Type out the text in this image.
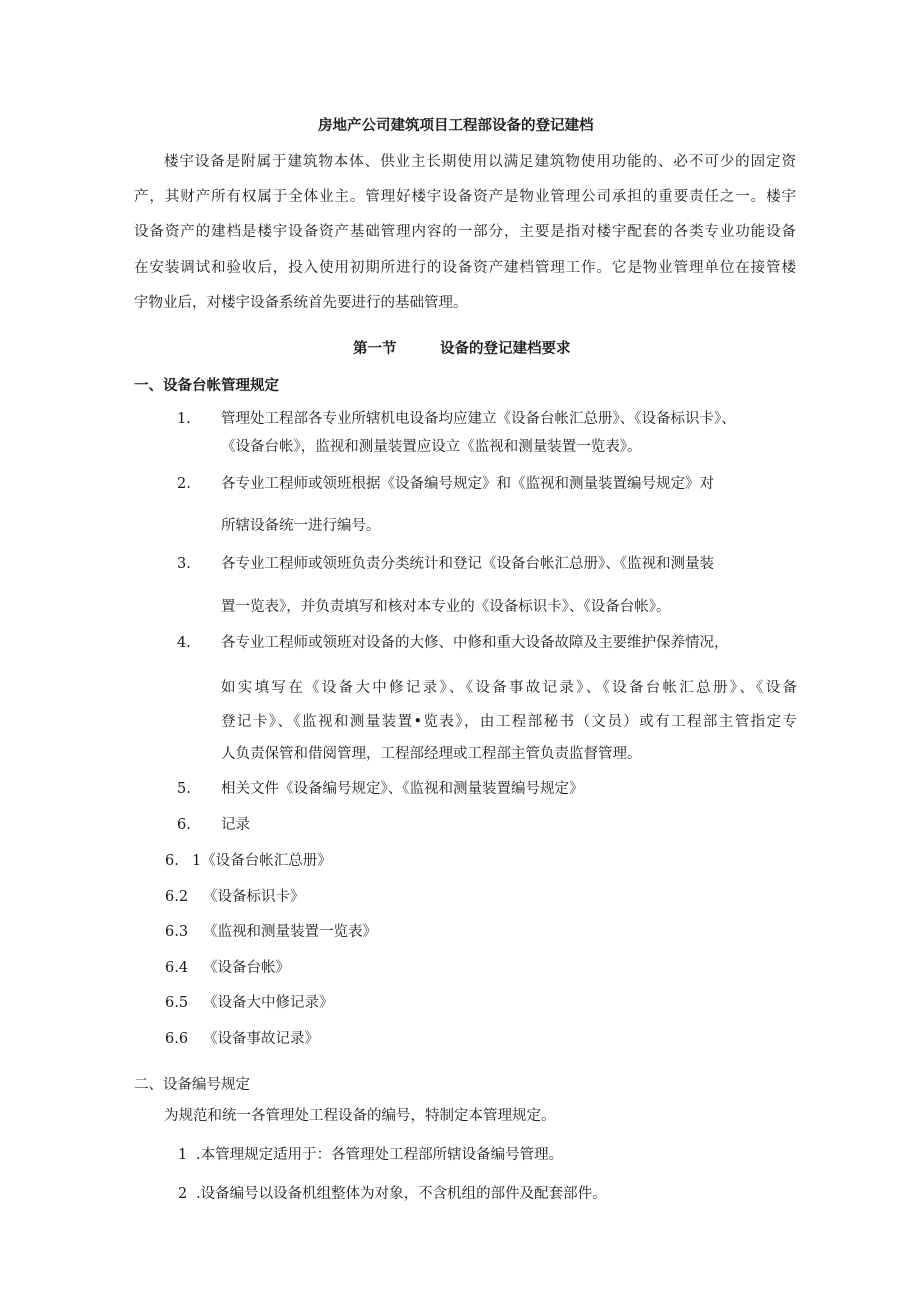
房地产公司建筑项目工程部设备的登记建档
楼宇设备是附属于建筑物本体、供业主长期使用以满足建筑物使用功能的、必不可少的固定资
产，其财产所有权属于全体业主。管理好楼宇设备资产是物业管理公司承担的重要责任之一。楼宇
设备资产的建档是楼宇设备资产基础管理内容的一部分，主要是指对楼宇配套的各类专业功能设备
在安装调试和验收后，投入使用初期所进行的设备资产建档管理工作。它是物业管理单位在接管楼
宇物业后，对楼宇设备系统首先要进行的基础管理。
第一节	设备的登记建档要求
一、设备台帐管理规定
1. 管理处工程部各专业所辖机电设备均应建立《设备台帐汇总册》、《设备标识卡》、
《设备台帐》，监视和测量装置应设立《监视和测量装置一览表》。
2. 各专业工程师或领班根据《设备编号规定》和《监视和测量装置编号规定》对
所辖设备统一进行编号。
3. 各专业工程师或领班负责分类统计和登记《设备台帐汇总册》、《监视和测量装
置一览表》，并负责填写和核对本专业的《设备标识卡》、《设备台帐》。
4. 各专业工程师或领班对设备的大修、中修和重大设备故障及主要维护保养情况，
如实填写在《设备大中修记录》、《设备事故记录》、《设备台帐汇总册》、《设备
登记卡》、《监视和测量装置•览表》，由工程部秘书（文员）或有工程部主管指定专
人负责保管和借阅管理，工程部经理或工程部主管负责监督管理。
5. 相关文件《设备编号规定》、《监视和测量装置编号规定》
6. 记录
6. 1《设备台帐汇总册》
6.2 《设备标识卡》
6.3 《监视和测量装置一览表》
6.4 《设备台帐》
6.5 《设备大中修记录》
6.6 《设备事故记录》
二、设备编号规定
为规范和统一各管理处工程设备的编号，特制定本管理规定。
1 .本管理规定适用于：各管理处工程部所辖设备编号管理。
2 .设备编号以设备机组整体为对象，不含机组的部件及配套部件。
